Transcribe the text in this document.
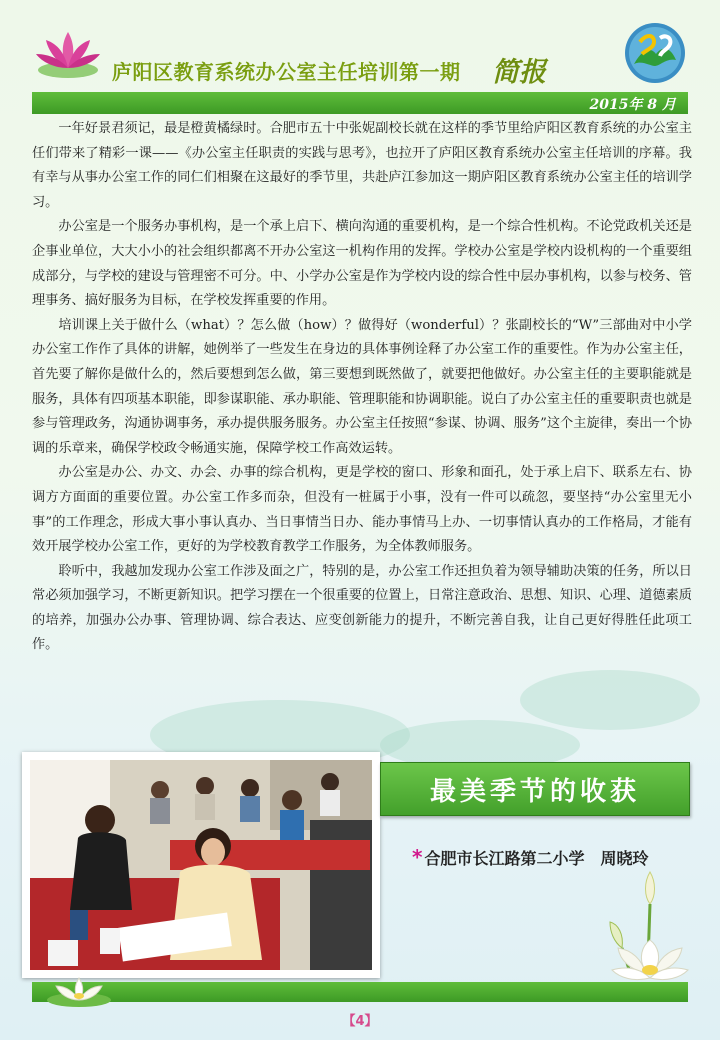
庐阳区教育系统办公室主任培训第一期 简报
2015年 8 月

一年好景君须记，最是橙黄橘绿时。合肥市五十中张妮副校长就在这样的季节里给庐阳区教育系统的办公室主任们带来了精彩一课——《办公室主任职责的实践与思考》，也拉开了庐阳区教育系统办公室主任培训的序幕。我有幸与从事办公室工作的同仁们相聚在这最好的季节里，共赴庐江参加这一期庐阳区教育系统办公室主任的培训学习。

办公室是一个服务办事机构，是一个承上启下、横向沟通的重要机构，是一个综合性机构。不论党政机关还是企事业单位，大大小小的社会组织都离不开办公室这一机构作用的发挥。学校办公室是学校内设机构的一个重要组成部分，与学校的建设与管理密不可分。中、小学办公室是作为学校内设的综合性中层办事机构，以参与校务、管理事务、搞好服务为目标，在学校发挥重要的作用。

培训课上关于做什么（what）？怎么做（how）？做得好（wonderful）？张副校长的“W”三部曲对中小学办公室工作作了具体的讲解，她例举了一些发生在身边的具体事例诠释了办公室工作的重要性。作为办公室主任，首先要了解你是做什么的，然后要想到怎么做，第三要想到既然做了，就要把他做好。办公室主任的主要职能就是服务，具体有四项基本职能，即参谋职能、承办职能、管理职能和协调职能。说白了办公室主任的重要职责也就是参与管理政务，沟通协调事务，承办提供服务服务。办公室主任按照“参谋、协调、服务”这个主旋律，奏出一个协调的乐章来，确保学校政令畅通实施，保障学校工作高效运转。

办公室是办公、办文、办会、办事的综合机构，更是学校的窗口、形象和面孔，处于承上启下、联系左右、协调方方面面的重要位置。办公室工作多而杂，但没有一桩属于小事，没有一件可以疏忽，要坚持“办公室里无小事”的工作理念，形成大事小事认真办、当日事情当日办、能办事情马上办、一切事情认真办的工作格局，才能有效开展学校办公室工作，更好的为学校教育教学工作服务，为全体教师服务。

聆听中，我越加发现办公室工作涉及面之广，特别的是，办公室工作还担负着为领导辅助决策的任务，所以日常必须加强学习，不断更新知识。把学习摆在一个很重要的位置上，日常注意政治、思想、知识、心理、道德素质的培养，加强办公办事、管理协调、综合表达、应变创新能力的提升，不断完善自我，让自己更好得胜任此项工作。

最美季节的收获
* 合肥市长江路第二小学　周晓玲
【4】
